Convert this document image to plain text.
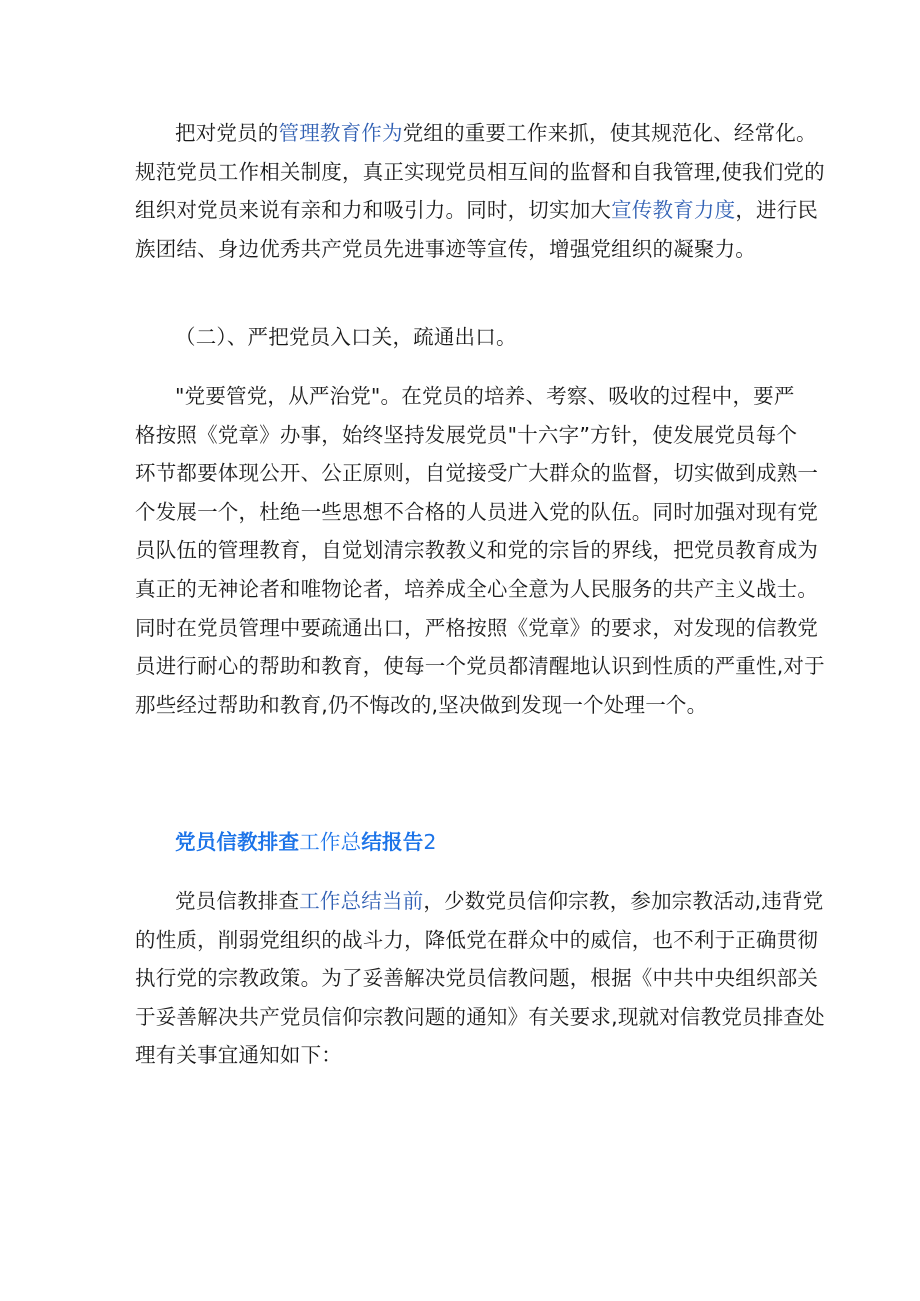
把对党员的管理教育作为党组的重要工作来抓，使其规范化、经常化。
规范党员工作相关制度，真正实现党员相互间的监督和自我管理,使我们党的
组织对党员来说有亲和力和吸引力。同时，切实加大宣传教育力度，进行民
族团结、身边优秀共产党员先进事迹等宣传，增强党组织的凝聚力。
（二）、严把党员入口关，疏通出口。
"党要管党，从严治党"。在党员的培养、考察、吸收的过程中，要严
格按照《党章》办事，始终坚持发展党员"十六字”方针，使发展党员每个
环节都要体现公开、公正原则，自觉接受广大群众的监督，切实做到成熟一
个发展一个，杜绝一些思想不合格的人员进入党的队伍。同时加强对现有党
员队伍的管理教育，自觉划清宗教教义和党的宗旨的界线，把党员教育成为
真正的无神论者和唯物论者，培养成全心全意为人民服务的共产主义战士。
同时在党员管理中要疏通出口，严格按照《党章》的要求，对发现的信教党
员进行耐心的帮助和教育，使每一个党员都清醒地认识到性质的严重性,对于
那些经过帮助和教育,仍不悔改的,坚决做到发现一个处理一个。
党员信教排查工作总结报告2
党员信教排查工作总结当前，少数党员信仰宗教，参加宗教活动,违背党
的性质，削弱党组织的战斗力，降低党在群众中的威信，也不利于正确贯彻
执行党的宗教政策。为了妥善解决党员信教问题，根据《中共中央组织部关
于妥善解决共产党员信仰宗教问题的通知》有关要求,现就对信教党员排查处
理有关事宜通知如下：
